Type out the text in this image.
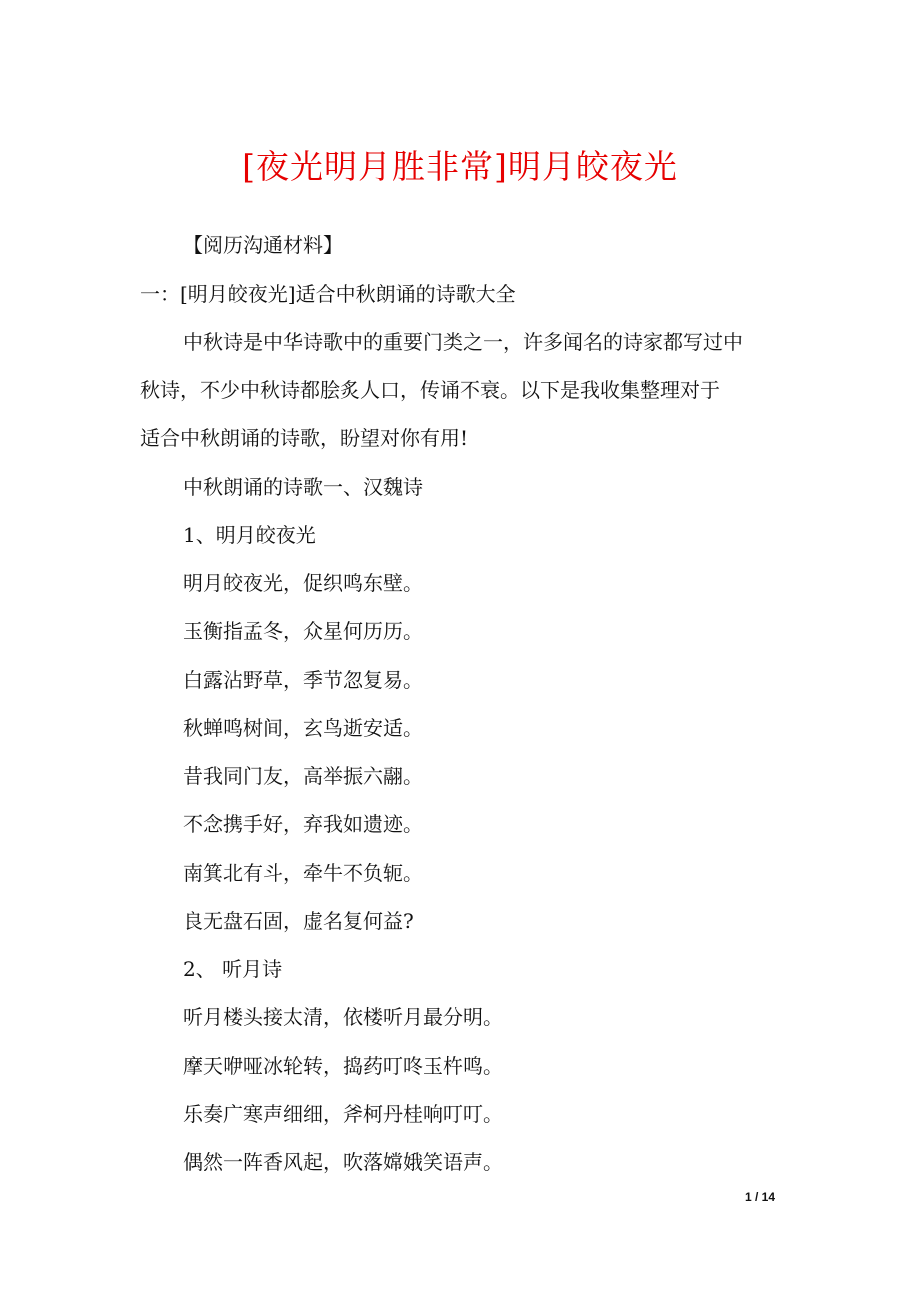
[夜光明月胜非常]明月皎夜光
【阅历沟通材料】
一：[明月皎夜光]适合中秋朗诵的诗歌大全
中秋诗是中华诗歌中的重要门类之一，许多闻名的诗家都写过中
秋诗，不少中秋诗都脍炙人口，传诵不衰。以下是我收集整理对于
适合中秋朗诵的诗歌，盼望对你有用!
中秋朗诵的诗歌一、汉魏诗
1、明月皎夜光
明月皎夜光，促织鸣东壁。
玉衡指孟冬，众星何历历。
白露沾野草，季节忽复易。
秋蝉鸣树间，玄鸟逝安适。
昔我同门友，高举振六翮。
不念携手好，弃我如遗迹。
南箕北有斗，牵牛不负轭。
良无盘石固，虚名复何益?
2、 听月诗
听月楼头接太清，依楼听月最分明。
摩天咿哑冰轮转，捣药叮咚玉杵鸣。
乐奏广寒声细细，斧柯丹桂响叮叮。
偶然一阵香风起，吹落嫦娥笑语声。
1 / 14
